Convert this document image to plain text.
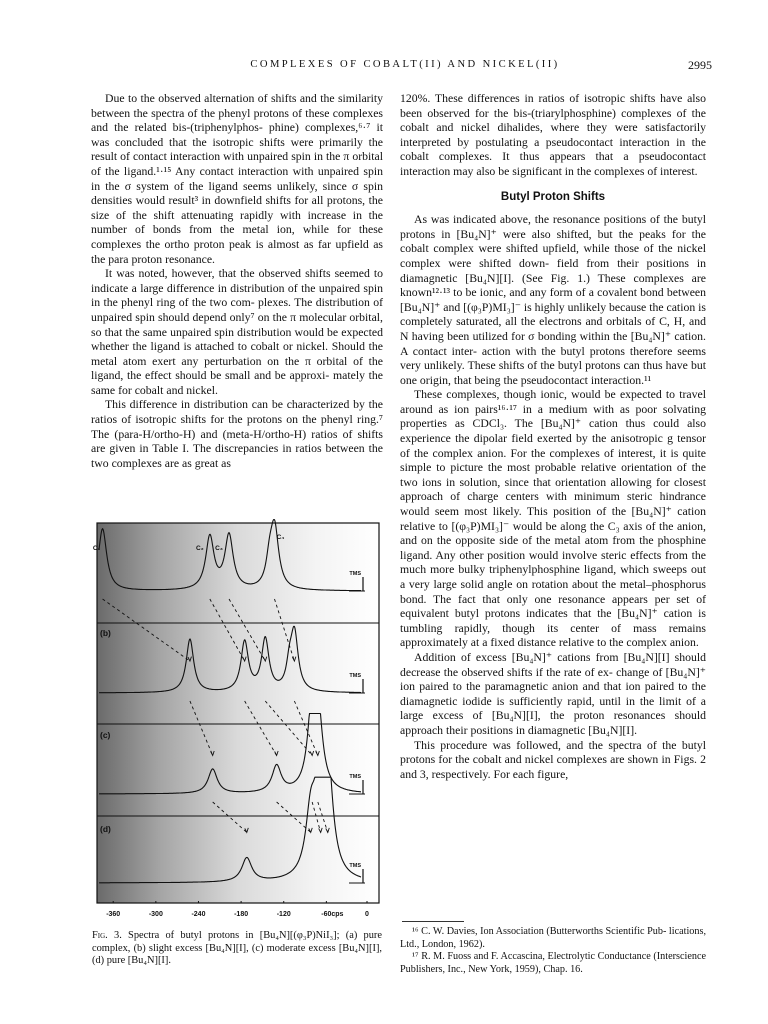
COMPLEXES OF COBALT(II) AND NICKEL(II)	2995

Due to the observed alternation of shifts and the similarity between the spectra of the phenyl protons of these complexes and the related bis-(triphenylphos- phine) complexes,⁶·⁷ it was concluded that the isotropic shifts were primarily the result of contact interaction with unpaired spin in the π orbital of the ligand.¹·¹⁵ Any contact interaction with unpaired spin in the σ system of the ligand seems unlikely, since σ spin densities would result³ in downfield shifts for all protons, the size of the shift attenuating rapidly with increase in the number of bonds from the metal ion, while for these complexes the ortho proton peak is almost as far upfield as the para proton resonance.

It was noted, however, that the observed shifts seemed to indicate a large difference in distribution of the unpaired spin in the phenyl ring of the two com- plexes. The distribution of unpaired spin should depend only⁷ on the π molecular orbital, so that the same unpaired spin distribution would be expected whether the ligand is attached to cobalt or nickel. Should the metal atom exert any perturbation on the π orbital of the ligand, the effect should be small and be approxi- mately the same for cobalt and nickel.

This difference in distribution can be characterized by the ratios of isotropic shifts for the protons on the phenyl ring.⁷ The (para-H/ortho-H) and (meta-H/ortho-H) ratios of shifts are given in Table I. The discrepancies in ratios between the two complexes are as great as

TMS
TMS
TMS
TMS
(b)
(c)
(d)
C₁	C₂ C₃
C₄
-360	-300	-240	-180	-120	-60cps	0
Fig. 3. Spectra of butyl protons in [Bu₄N][(φ₃P)NiI₃]; (a) pure complex, (b) slight excess [Bu₄N][I], (c) moderate excess [Bu₄N][I], (d) pure [Bu₄N][I].

120%. These differences in ratios of isotropic shifts have also been observed for the bis-(triarylphosphine) complexes of the cobalt and nickel dihalides, where they were satisfactorily interpreted by postulating a pseudocontact interaction in the cobalt complexes. It thus appears that a pseudocontact interaction may also be significant in the complexes of interest.

Butyl Proton Shifts

As was indicated above, the resonance positions of the butyl protons in [Bu₄N]⁺ were also shifted, but the peaks for the cobalt complex were shifted upfield, while those of the nickel complex were shifted down- field from their positions in diamagnetic [Bu₄N][I]. (See Fig. 1.) These complexes are known¹²·¹³ to be ionic, and any form of a covalent bond between [Bu₄N]⁺ and [(φ₃P)MI₃]⁻ is highly unlikely because the cation is completely saturated, all the electrons and orbitals of C, H, and N having been utilized for σ bonding within the [Bu₄N]⁺ cation. A contact inter- action with the butyl protons therefore seems very unlikely. These shifts of the butyl protons can thus have but one origin, that being the pseudocontact interaction.¹¹

These complexes, though ionic, would be expected to travel around as ion pairs¹⁶·¹⁷ in a medium with as poor solvating properties as CDCl₃. The [Bu₄N]⁺ cation thus could also experience the dipolar field exerted by the anisotropic g tensor of the complex anion. For the complexes of interest, it is quite simple to picture the most probable relative orientation of the two ions in solution, since that orientation allowing for closest approach of charge centers with minimum steric hindrance would seem most likely. This position of the [Bu₄N]⁺ cation relative to [(φ₃P)MI₃]⁻ would be along the C₃ axis of the anion, and on the opposite side of the metal atom from the phosphine ligand. Any other position would involve steric effects from the much more bulky triphenylphosphine ligand, which sweeps out a very large solid angle on rotation about the metal–phosphorus bond. The fact that only one resonance appears per set of equivalent butyl protons indicates that the [Bu₄N]⁺ cation is tumbling rapidly, though its center of mass remains approximately at a fixed distance relative to the complex anion.

Addition of excess [Bu₄N]⁺ cations from [Bu₄N][I] should decrease the observed shifts if the rate of ex- change of [Bu₄N]⁺ ion paired to the paramagnetic anion and that ion paired to the diamagnetic iodide is sufficiently rapid, until in the limit of a large excess of [Bu₄N][I], the proton resonances should approach their positions in diamagnetic [Bu₄N][I].

This procedure was followed, and the spectra of the butyl protons for the cobalt and nickel complexes are shown in Figs. 2 and 3, respectively. For each figure,

¹⁶ C. W. Davies, Ion Association (Butterworths Scientific Pub- lications, Ltd., London, 1962).

¹⁷ R. M. Fuoss and F. Accascina, Electrolytic Conductance (Interscience Publishers, Inc., New York, 1959), Chap. 16.
